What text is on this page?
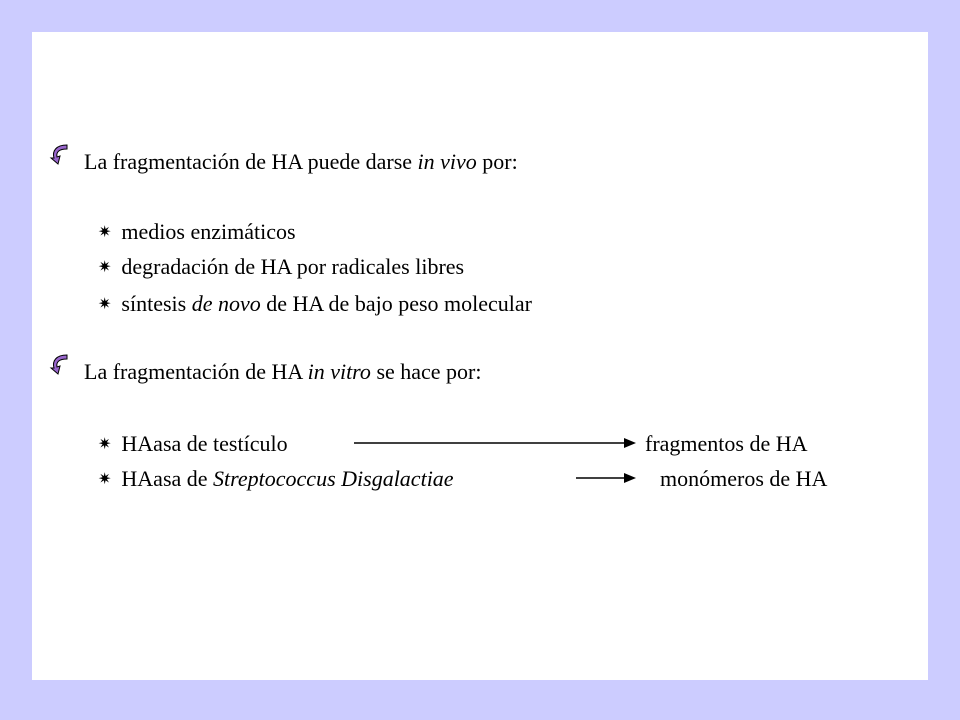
La fragmentación de HA puede darse in vivo por:
✷ medios enzimáticos
✷ degradación de HA por radicales libres
✷ síntesis de novo de HA de bajo peso molecular
La fragmentación de HA in vitro se hace por:
✷ HAasa de testículo	fragmentos de HA
✷ HAasa de Streptococcus Disgalactiae	monómeros de HA
